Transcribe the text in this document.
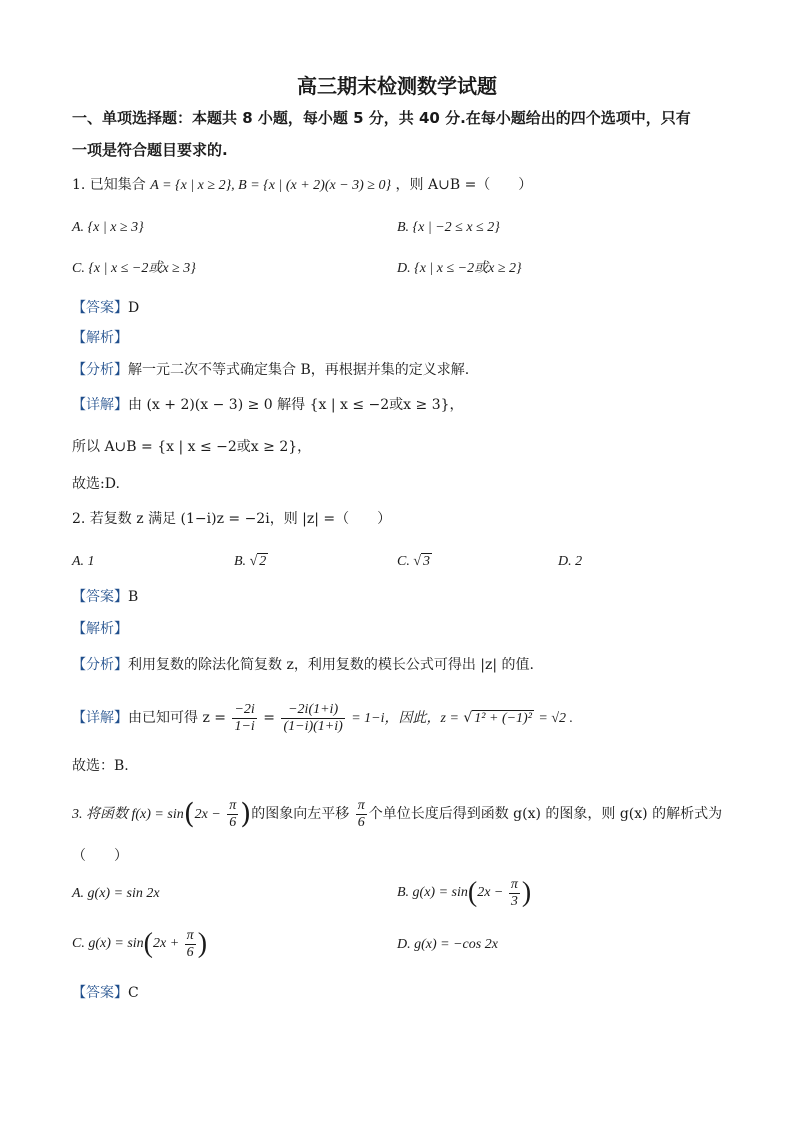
高三期末检测数学试题
一、单项选择题：本题共 8 小题，每小题 5 分，共 40 分.在每小题给出的四个选项中，只有
一项是符合题目要求的.
1. 已知集合 A = {x | x ≥ 2}, B = {x | (x + 2)(x − 3) ≥ 0} ，则 A∪B =（　　）
A. {x | x ≥ 3}	B. {x | −2 ≤ x ≤ 2}
C. {x | x ≤ −2或x ≥ 3}	D. {x | x ≤ −2或x ≥ 2}
【答案】D
【解析】
【分析】解一元二次不等式确定集合 B，再根据并集的定义求解.
【详解】由 (x + 2)(x − 3) ≥ 0 解得 {x | x ≤ −2或x ≥ 3}，
所以 A∪B = {x | x ≤ −2或x ≥ 2}，
故选:D.
2. 若复数 z 满足 (1−i)z = −2i，则 |z| =（　　）
A. 1	B. √ 2	C. √ 3	D. 2
【答案】B
【解析】
【分析】利用复数的除法化简复数 z，利用复数的模长公式可得出 |z| 的值.
【详解】由已知可得 $z = \frac{-2i}{1-i} = \frac{-2i(1+i)}{(1-i)(1+i)} = 1-i$，因此，z = √ 1² + (−1)² = √2 .
故选：B.
3. 将函数 $f(x) = \sin(2x - \frac{\pi}{6}$ )的图象向左平移 $\frac{\pi}{6}$ 个单位长度后得到函数 g(x) 的图象，则 g(x) 的解析式为
（　　）
A. g(x) = sin 2x	B. $g(x) = \sin(2x - \frac{\pi}{3}$ )
C. $g(x) = \sin(2x + \frac{\pi}{6}$ )	D. g(x) = −cos 2x
【答案】C
